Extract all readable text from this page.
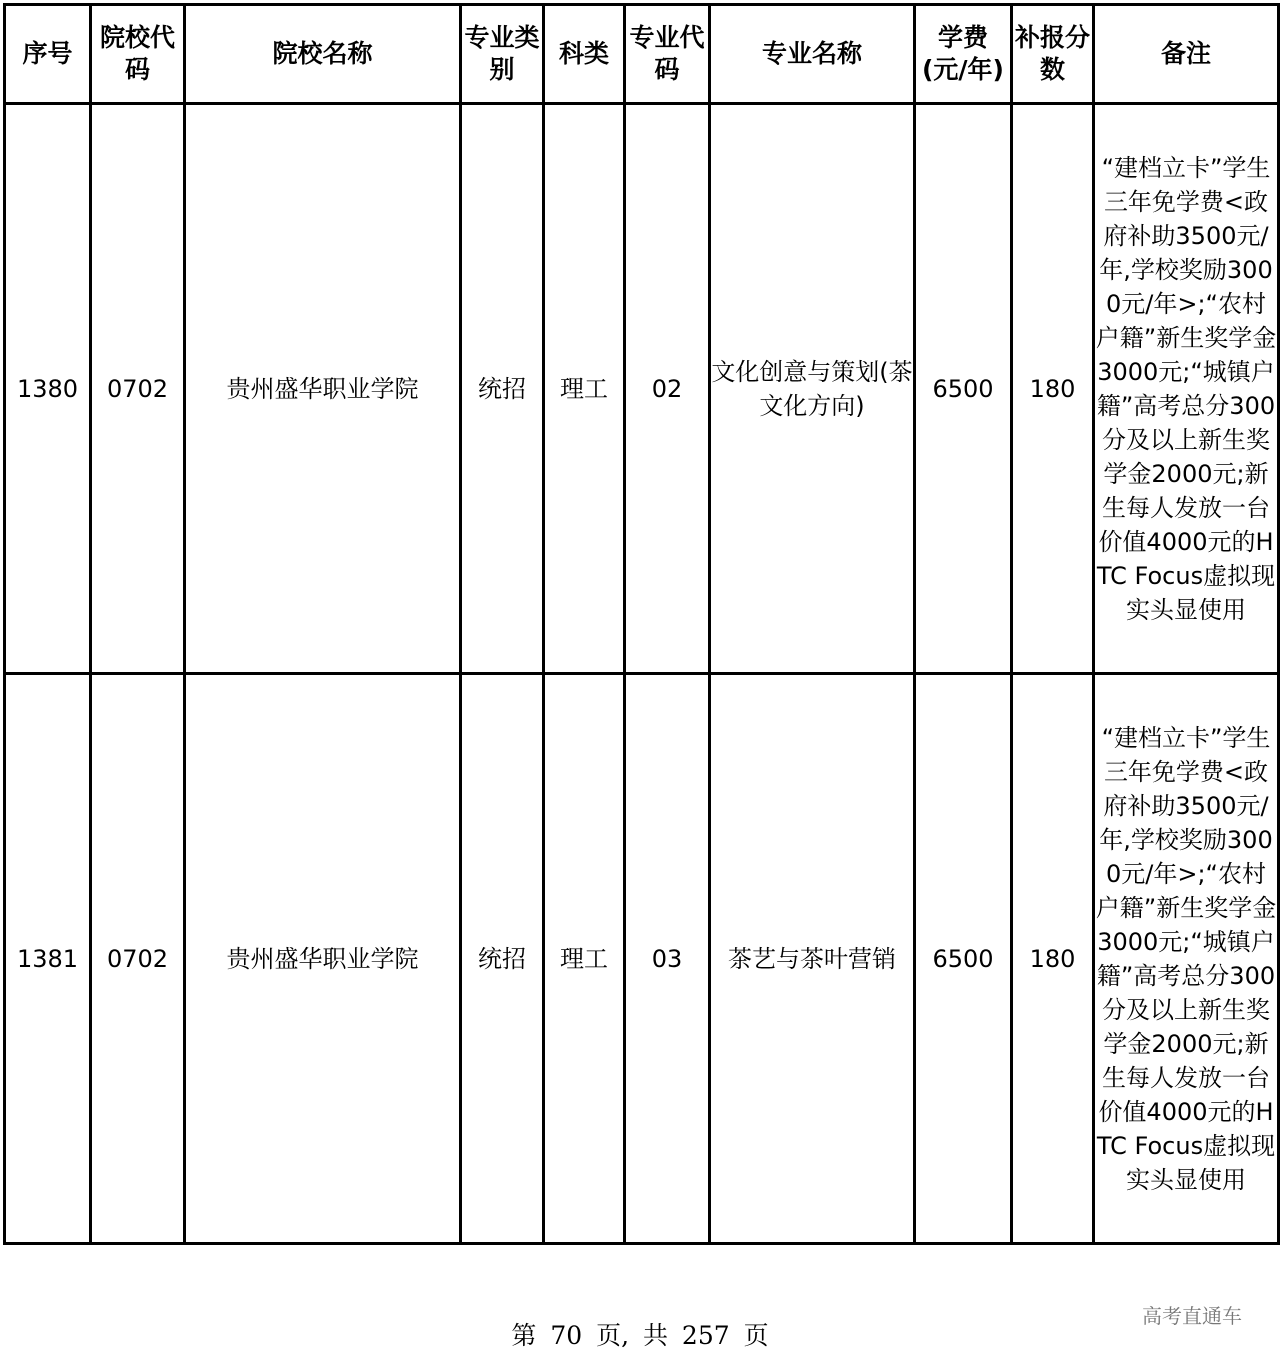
序号	院校代码	院校名称	专业类别	科类	专业代码	专业名称	学费(元/年)	补报分数	备注
1380	0702	贵州盛华职业学院	统招	理工	02	文化创意与策划(茶文化方向)	6500	180	“建档立卡”学生三年免学费<政府补助3500元/年,学校奖励3000元/年>;“农村户籍”新生奖学金3000元;“城镇户籍”高考总分300分及以上新生奖学金2000元;新生每人发放一台价值4000元的HTC Focus虚拟现实头显使用
1381	0702	贵州盛华职业学院	统招	理工	03	茶艺与茶叶营销	6500	180	“建档立卡”学生三年免学费<政府补助3500元/年,学校奖励3000元/年>;“农村户籍”新生奖学金3000元;“城镇户籍”高考总分300分及以上新生奖学金2000元;新生每人发放一台价值4000元的HTC Focus虚拟现实头显使用
高考直通车
第 70 页, 共 257 页
